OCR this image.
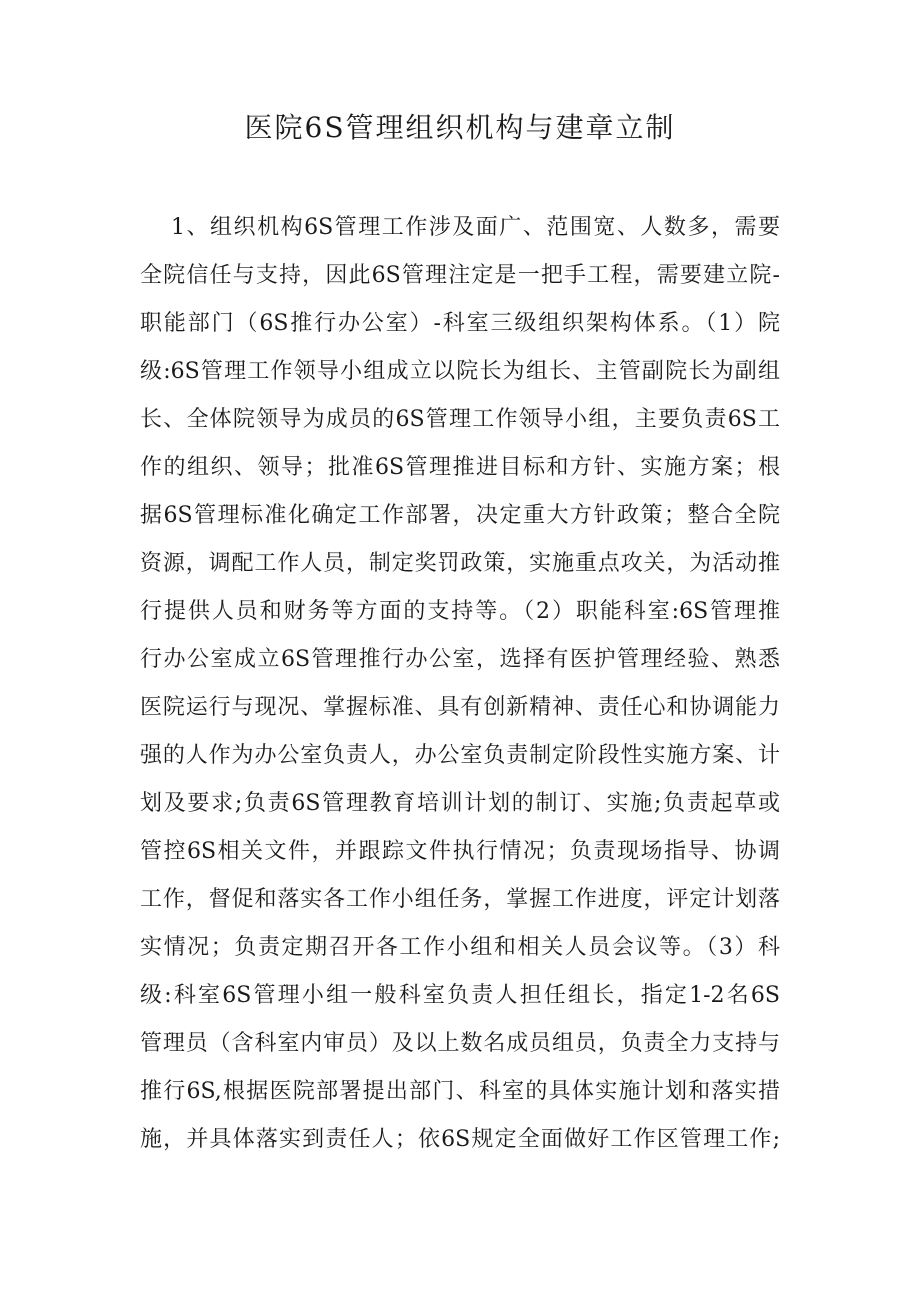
医院6S管理组织机构与建章立制
1、组织机构6S管理工作涉及面广、范围宽、人数多，需要
全院信任与支持，因此6S管理注定是一把手工程，需要建立院-
职能部门（6S推行办公室）-科室三级组织架构体系。（1）院
级:6S管理工作领导小组成立以院长为组长、主管副院长为副组
长、全体院领导为成员的6S管理工作领导小组，主要负责6S工
作的组织、领导；批准6S管理推进目标和方针、实施方案；根
据6S管理标准化确定工作部署，决定重大方针政策；整合全院
资源，调配工作人员，制定奖罚政策，实施重点攻关，为活动推
行提供人员和财务等方面的支持等。（2）职能科室:6S管理推
行办公室成立6S管理推行办公室，选择有医护管理经验、熟悉
医院运行与现况、掌握标准、具有创新精神、责任心和协调能力
强的人作为办公室负责人，办公室负责制定阶段性实施方案、计
划及要求;负责6S管理教育培训计划的制订、实施;负责起草或
管控6S相关文件，并跟踪文件执行情况；负责现场指导、协调
工作，督促和落实各工作小组任务，掌握工作进度，评定计划落
实情况；负责定期召开各工作小组和相关人员会议等。（3）科
级:科室6S管理小组一般科室负责人担任组长，指定1-2名6S
管理员（含科室内审员）及以上数名成员组员，负责全力支持与
推行6S,根据医院部署提出部门、科室的具体实施计划和落实措
施，并具体落实到责任人；依6S规定全面做好工作区管理工作;
